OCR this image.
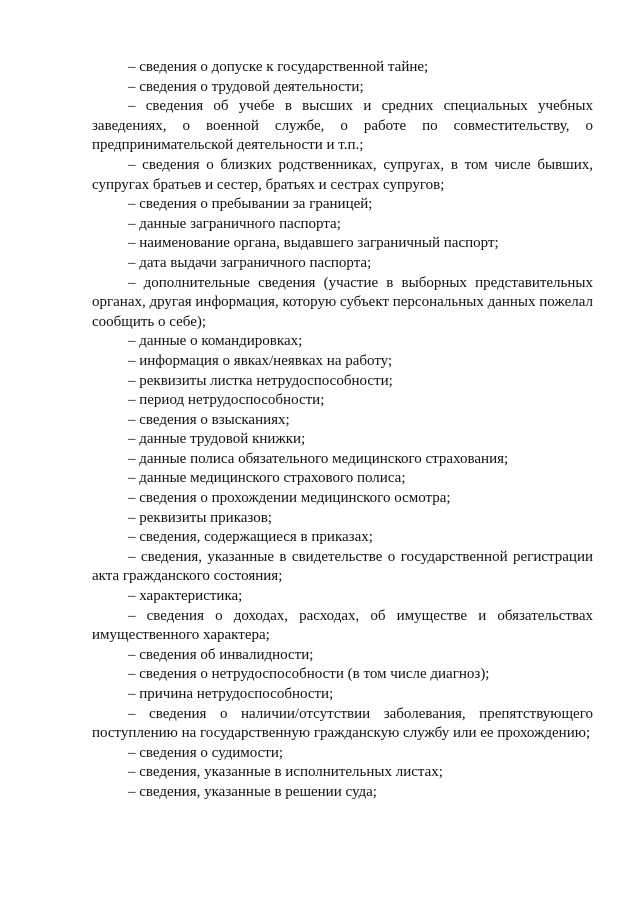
– сведения о допуске к государственной тайне;

– сведения о трудовой деятельности;

– сведения об учебе в высших и средних специальных учебных заведениях, о военной службе, о работе по совместительству, о предпринимательской деятельности и т.п.;

– сведения о близких родственниках, супругах, в том числе бывших, супругах братьев и сестер, братьях и сестрах супругов;

– сведения о пребывании за границей;

– данные заграничного паспорта;

– наименование органа, выдавшего заграничный паспорт;

– дата выдачи заграничного паспорта;

– дополнительные сведения (участие в выборных представительных органах, другая информация, которую субъект персональных данных пожелал сообщить о себе);

– данные о командировках;

– информация о явках/неявках на работу;

– реквизиты листка нетрудоспособности;

– период нетрудоспособности;

– сведения о взысканиях;

– данные трудовой книжки;

– данные полиса обязательного медицинского страхования;

– данные медицинского страхового полиса;

– сведения о прохождении медицинского осмотра;

– реквизиты приказов;

– сведения, содержащиеся в приказах;

– сведения, указанные в свидетельстве о государственной регистрации акта гражданского состояния;

– характеристика;

– сведения о доходах, расходах, об имуществе и обязательствах имущественного характера;

– сведения об инвалидности;

– сведения о нетрудоспособности (в том числе диагноз);

– причина нетрудоспособности;

– сведения о наличии/отсутствии заболевания, препятствующего поступлению на государственную гражданскую службу или ее прохождению;

– сведения о судимости;

– сведения, указанные в исполнительных листах;

– сведения, указанные в решении суда;
